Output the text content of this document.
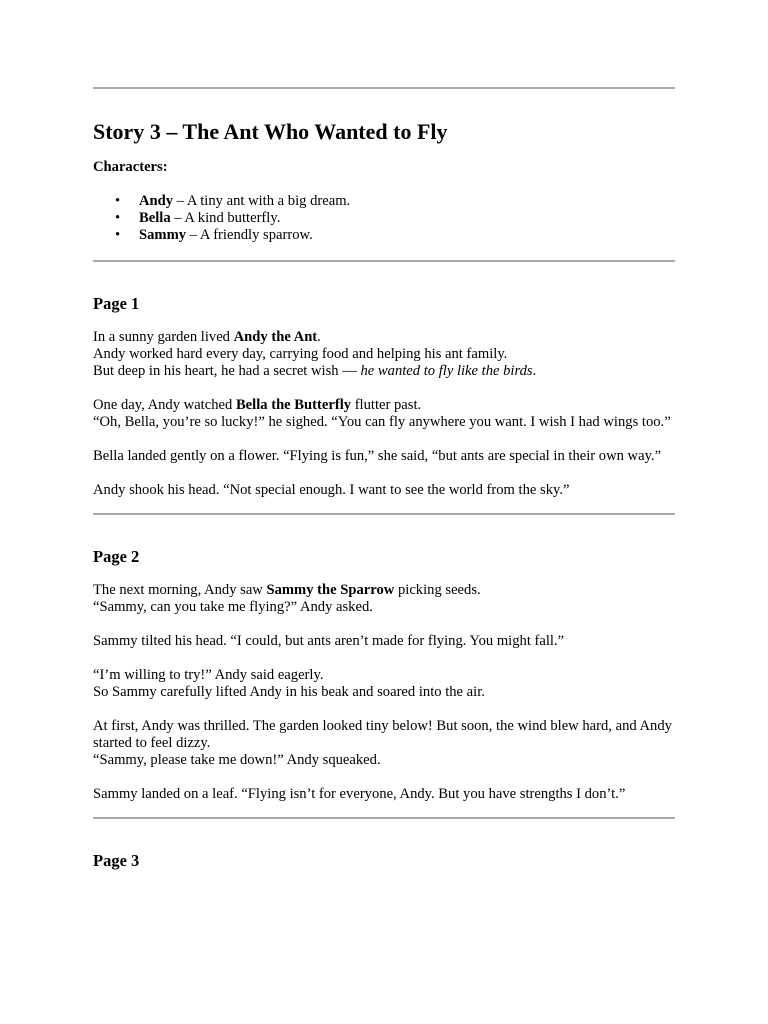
Story 3 – The Ant Who Wanted to Fly

Characters:

• Andy – A tiny ant with a big dream.
• Bella – A kind butterfly.
• Sammy – A friendly sparrow.
Page 1

In a sunny garden lived Andy the Ant.
Andy worked hard every day, carrying food and helping his ant family.
But deep in his heart, he had a secret wish — he wanted to fly like the birds.

One day, Andy watched Bella the Butterfly flutter past.
“Oh, Bella, you’re so lucky!” he sighed. “You can fly anywhere you want. I wish I had wings too.”

Bella landed gently on a flower. “Flying is fun,” she said, “but ants are special in their own way.”

Andy shook his head. “Not special enough. I want to see the world from the sky.”

Page 2

The next morning, Andy saw Sammy the Sparrow picking seeds.
“Sammy, can you take me flying?” Andy asked.

Sammy tilted his head. “I could, but ants aren’t made for flying. You might fall.”

“I’m willing to try!” Andy said eagerly.
So Sammy carefully lifted Andy in his beak and soared into the air.

At first, Andy was thrilled. The garden looked tiny below! But soon, the wind blew hard, and Andy started to feel dizzy.
“Sammy, please take me down!” Andy squeaked.

Sammy landed on a leaf. “Flying isn’t for everyone, Andy. But you have strengths I don’t.”

Page 3
